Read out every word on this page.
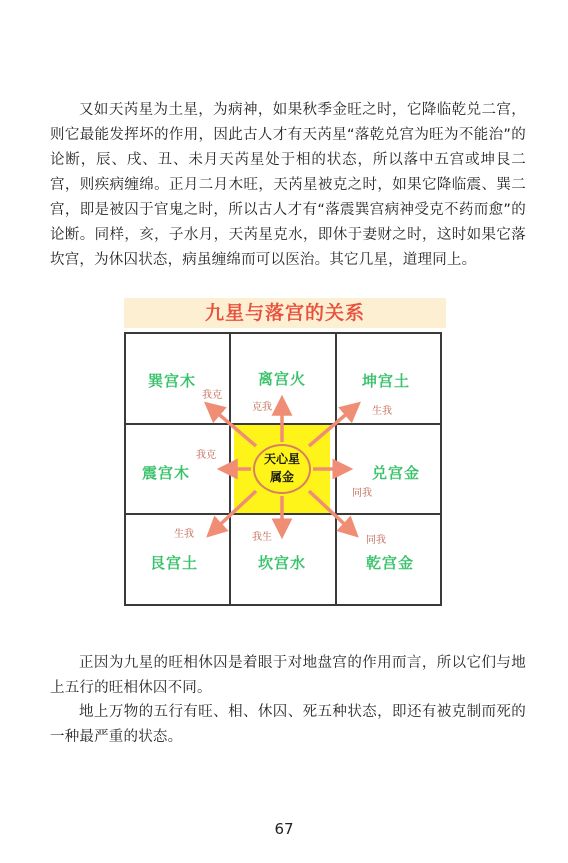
又如天芮星为土星，为病神，如果秋季金旺之时，它降临乾兑二宫，则它最能发挥坏的作用，因此古人才有天芮星“落乾兑宫为旺为不能治”的论断，辰、戌、丑、未月天芮星处于相的状态，所以落中五宫或坤艮二宫，则疾病缠绵。正月二月木旺，天芮星被克之时，如果它降临震、巽二宫，即是被囚于官鬼之时，所以古人才有“落震巽宫病神受克不药而愈”的论断。同样，亥，子水月，天芮星克水，即休于妻财之时，这时如果它落坎宫，为休囚状态，病虽缠绵而可以医治。其它几星，道理同上。

九星与落宫的关系
天心星
属金
巽宫木	离宫火	坤宫土
震宫木	兑宫金
艮宫土	坎宫水	乾宫金
我克
克我	生我
我克
同我
生我	我生	同我

正因为九星的旺相休囚是着眼于对地盘宫的作用而言，所以它们与地上五行的旺相休囚不同。

地上万物的五行有旺、相、休囚、死五种状态，即还有被克制而死的一种最严重的状态。

67
